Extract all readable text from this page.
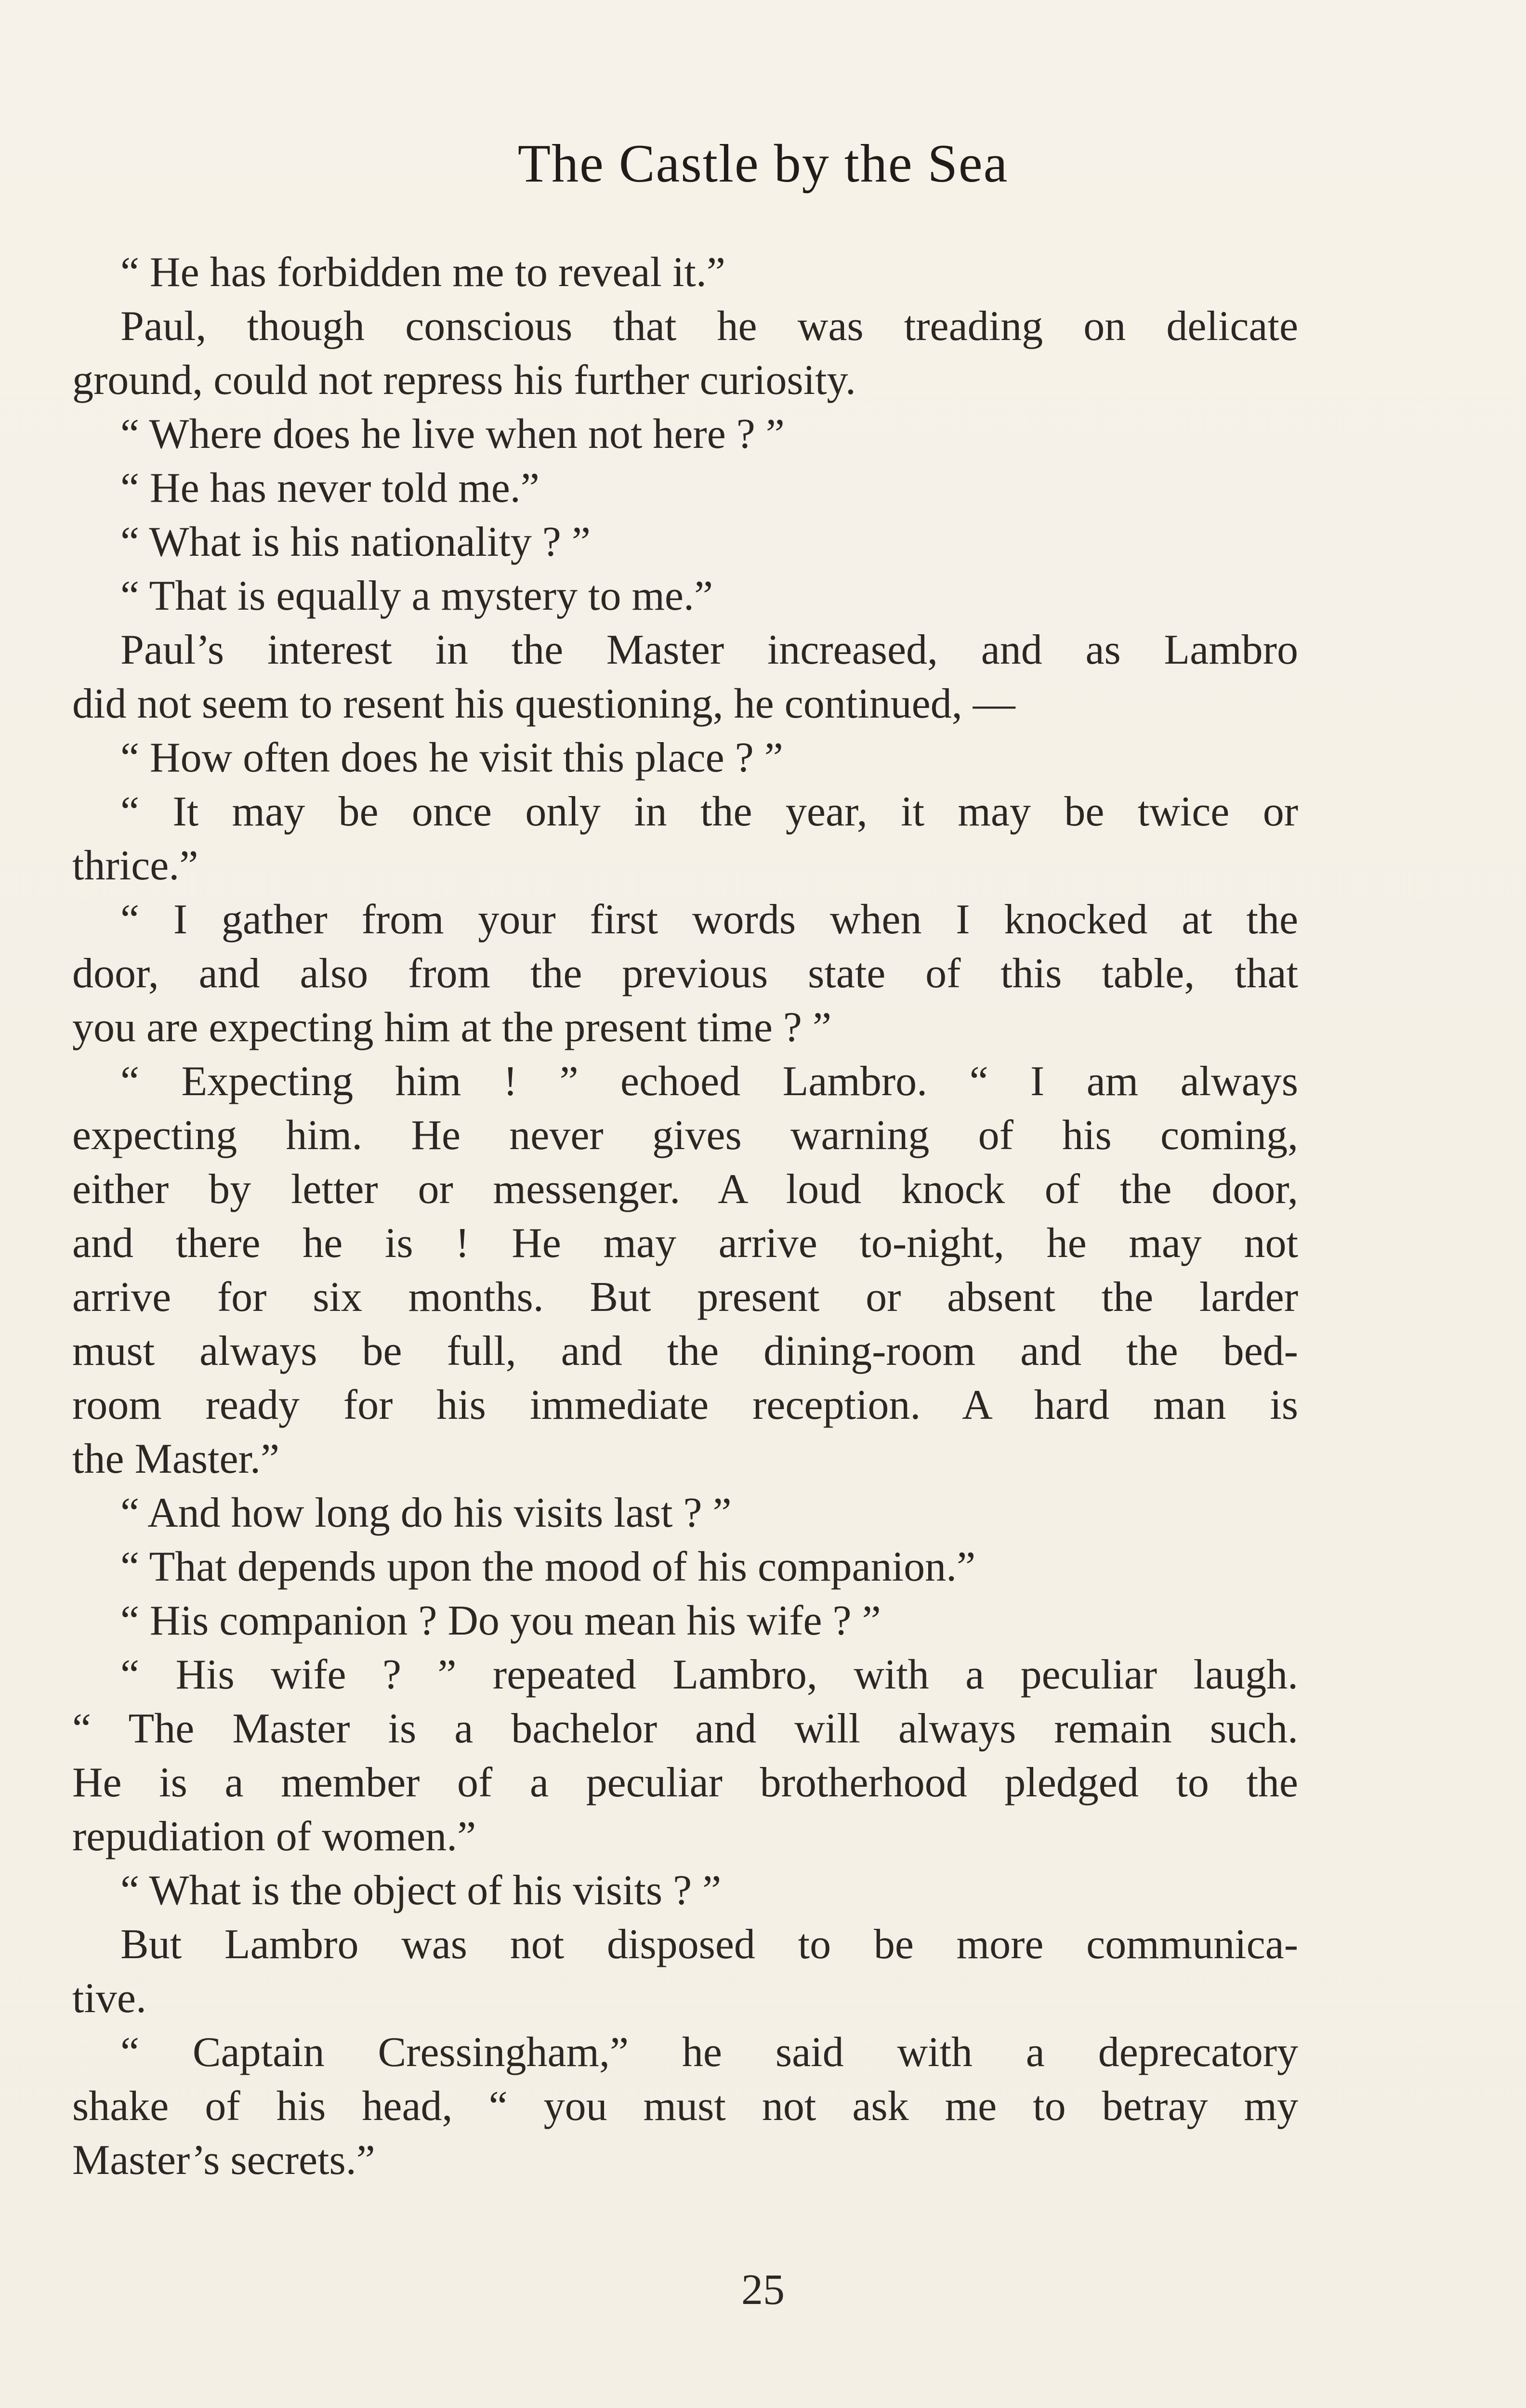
The Castle by the Sea
“ He has forbidden me to reveal it.”
Paul, though conscious that he was treading on delicate
ground, could not repress his further curiosity.
“ Where does he live when not here ? ”
“ He has never told me.”
“ What is his nationality ? ”
“ That is equally a mystery to me.”
Paul’s interest in the Master increased, and as Lambro
did not seem to resent his questioning, he continued, —
“ How often does he visit this place ? ”
“ It may be once only in the year, it may be twice or
thrice.”
“ I gather from your first words when I knocked at the
door, and also from the previous state of this table, that
you are expecting him at the present time ? ”
“ Expecting him ! ” echoed Lambro. “ I am always
expecting him. He never gives warning of his coming,
either by letter or messenger. A loud knock of the door,
and there he is ! He may arrive to-night, he may not
arrive for six months. But present or absent the larder
must always be full, and the dining-room and the bed-
room ready for his immediate reception. A hard man is
the Master.”
“ And how long do his visits last ? ”
“ That depends upon the mood of his companion.”
“ His companion ? Do you mean his wife ? ”
“ His wife ? ” repeated Lambro, with a peculiar laugh.
“ The Master is a bachelor and will always remain such.
He is a member of a peculiar brotherhood pledged to the
repudiation of women.”
“ What is the object of his visits ? ”
But Lambro was not disposed to be more communica-
tive.
“ Captain Cressingham,” he said with a deprecatory
shake of his head, “ you must not ask me to betray my
Master’s secrets.”
25
